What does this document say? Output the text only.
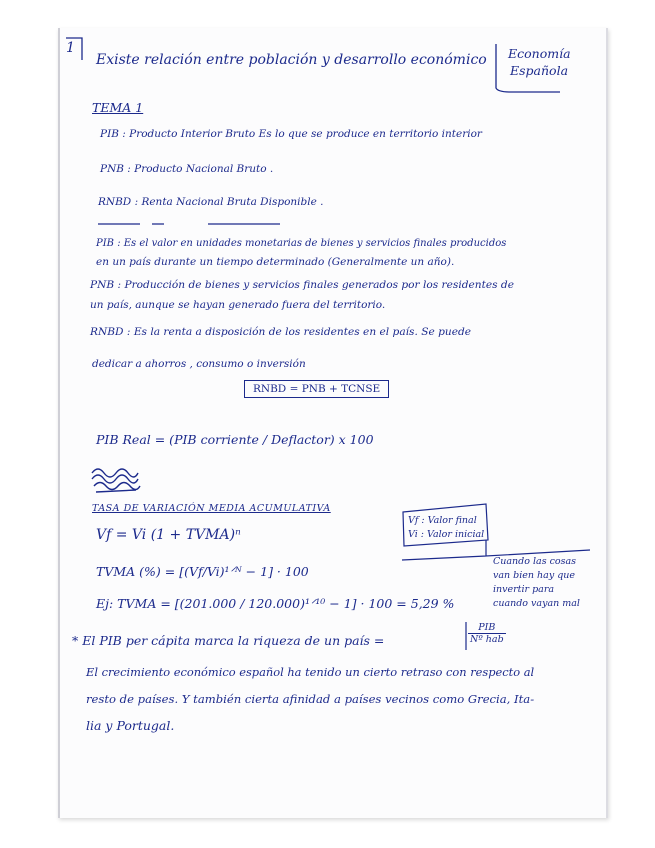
1
Existe relación entre población y desarrollo económico Economía
Española
TEMA 1
PIB : Producto Interior Bruto Es lo que se produce en territorio interior
PNB : Producto Nacional Bruto .
RNBD : Renta Nacional Bruta Disponible .
PIB : Es el valor en unidades monetarias de bienes y servicios finales producidos
en un país durante un tiempo determinado (Generalmente un año).
PNB : Producción de bienes y servicios finales generados por los residentes de
un país, aunque se hayan generado fuera del territorio.
RNBD : Es la renta a disposición de los residentes en el país. Se puede
dedicar a ahorros , consumo o inversión
RNBD = PNB + TCNSE
PIB Real = (PIB corriente / Deflactor) x 100
TASA DE VARIACIÓN MEDIA ACUMULATIVA
Vf = Vi (1 + TVMA)ⁿ
TVMA (%) = [(Vf/Vi)¹ᐟᴺ − 1] · 100
Ej: TVMA = [(201.000 / 120.000)¹ᐟ¹⁰ − 1] · 100 = 5,29 %
Vf : Valor final
Vi : Valor inicial
Cuando las cosas
van bien hay que
invertir para
cuando vayan mal
* El PIB per cápita marca la riqueza de un país =	$\frac{\text{PIB}}{\text{Nº hab}}$
El crecimiento económico español ha tenido un cierto retraso con respecto al
resto de países. Y también cierta afinidad a países vecinos como Grecia, Ita-
lia y Portugal.
